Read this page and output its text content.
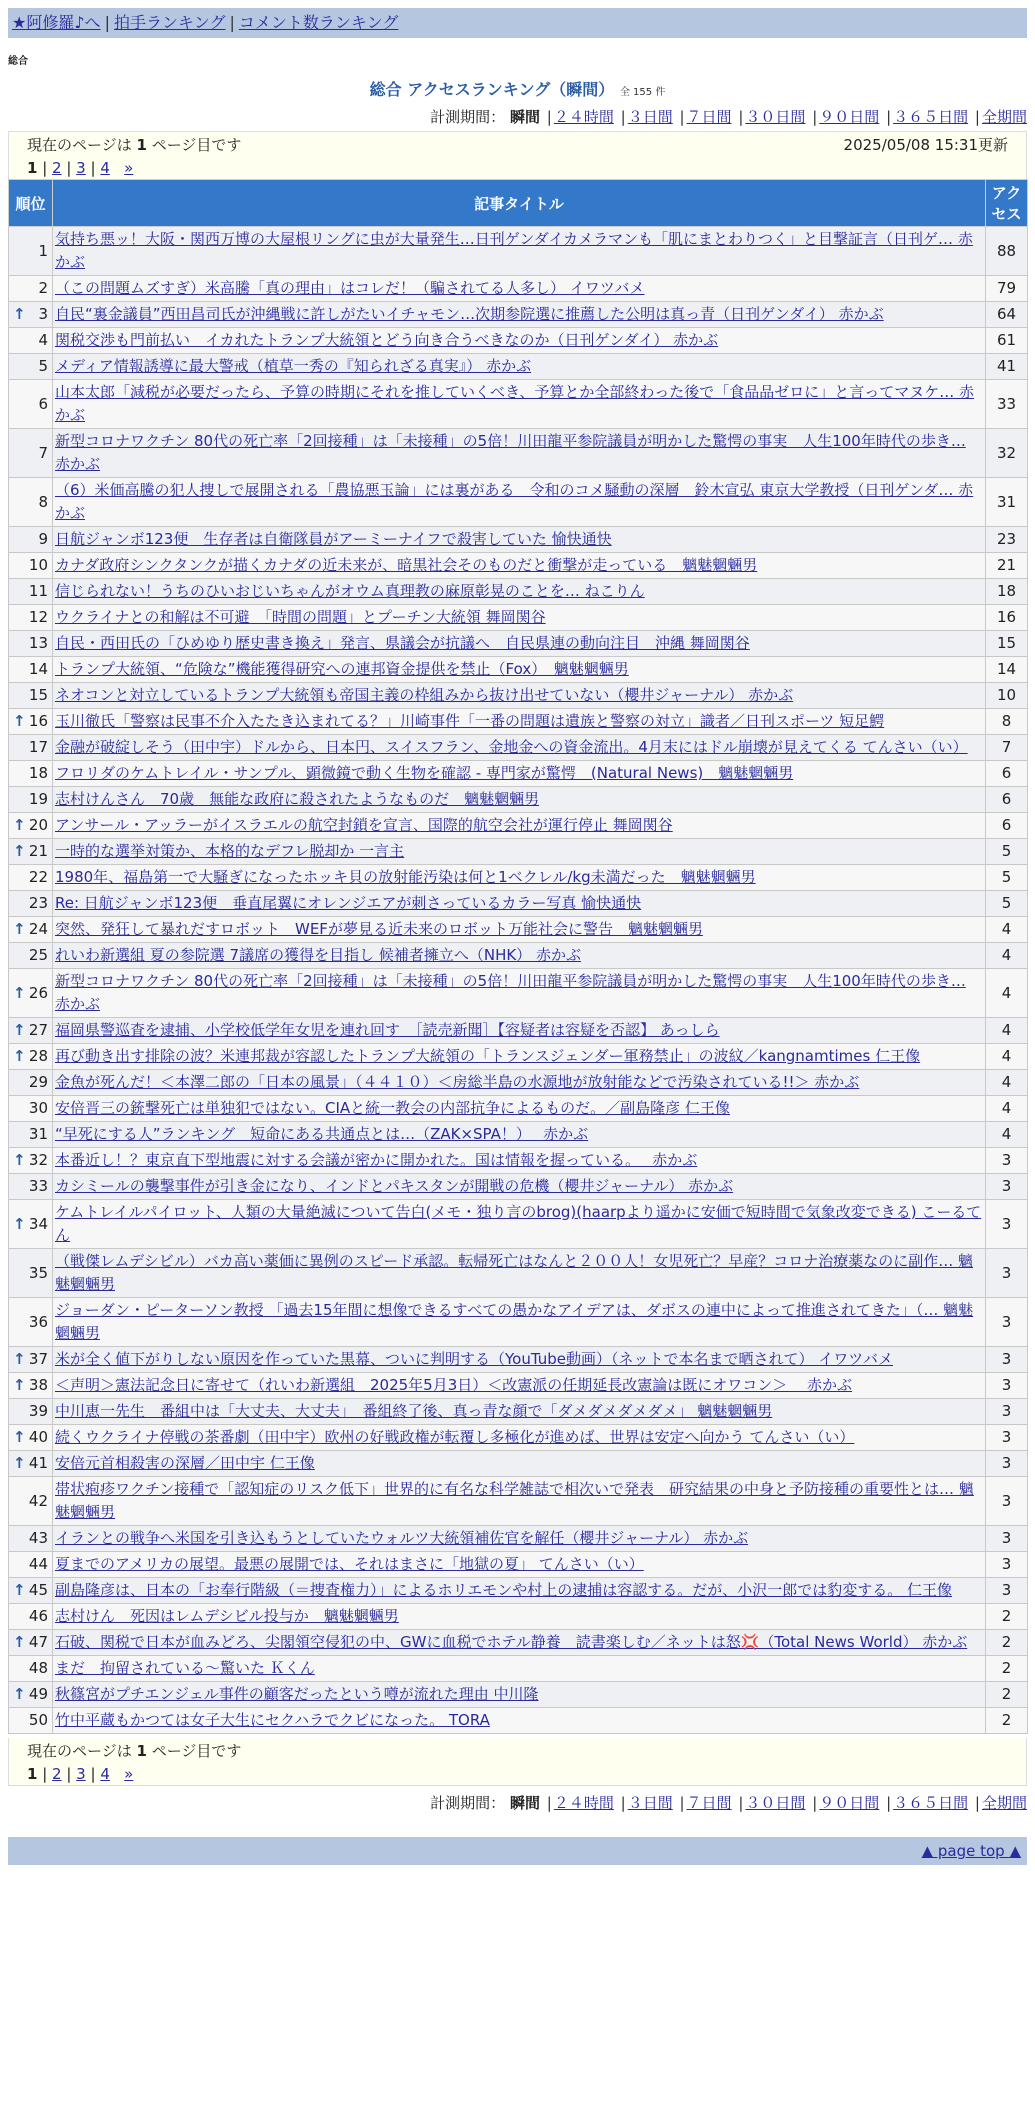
★阿修羅♪へ | 拍手ランキング | コメント数ランキング
総合
総合 アクセスランキング（瞬間） 全 155 件
計測期間： 瞬間 | ２４時間 | ３日間 | ７日間 | ３０日間 | ９０日間 | ３６５日間 | 全期間
現在のページは 1 ページ目です	2025/05/08 15:31更新
1 | 2 | 3 | 4 »
順位	記事タイトル	アクセス

1	気持ち悪ッ！大阪・関西万博の大屋根リングに虫が大量発生…日刊ゲンダイカメラマンも「肌にまとわりつく」と目撃証言（日刊ゲ… 赤かぶ	88

2	（この問題ムズすぎ）米高騰「真の理由」はコレだ！（騙されてる人多し） イワツバメ	79

↑ 3	自民“裏金議員”西田昌司氏が沖縄戦に許しがたいイチャモン…次期参院選に推薦した公明は真っ青（日刊ゲンダイ） 赤かぶ	64

4	関税交渉も門前払い　イカれたトランプ大統領とどう向き合うべきなのか（日刊ゲンダイ） 赤かぶ	61

5	メディア情報誘導に最大警戒（植草一秀の『知られざる真実』） 赤かぶ	41

6	山本太郎「減税が必要だったら、予算の時期にそれを推していくべき、予算とか全部終わった後で「食品品ゼロに」と言ってマヌケ… 赤かぶ	33

7	新型コロナワクチン 80代の死亡率「2回接種」は「未接種」の5倍！川田龍平参院議員が明かした驚愕の事実　人生100年時代の歩き… 赤かぶ	32

8	（6）米価高騰の犯人捜しで展開される「農協悪玉論」には裏がある　令和のコメ騒動の深層　鈴木宣弘 東京大学教授（日刊ゲンダ… 赤かぶ	31

9	日航ジャンボ123便　生存者は自衛隊員がアーミーナイフで殺害していた 愉快通快	23

10	カナダ政府シンクタンクが描くカナダの近未来が、暗黒社会そのものだと衝撃が走っている　魑魅魍魎男	21

11	信じられない！うちのひいおじいちゃんがオウム真理教の麻原彰晃のことを… ねこりん	18

12	ウクライナとの和解は不可避　「時間の問題」とプーチン大統領 舞岡関谷	16

13	自民・西田氏の「ひめゆり歴史書き換え」発言、県議会が抗議へ　自民県連の動向注目　沖縄 舞岡関谷	15

14	トランプ大統領、“危険な”機能獲得研究への連邦資金提供を禁止（Fox）　魑魅魍魎男	14

15	ネオコンと対立しているトランプ大統領も帝国主義の枠組みから抜け出せていない（櫻井ジャーナル） 赤かぶ	10

↑ 16	玉川徹氏「警察は民事不介入たたき込まれてる？」川崎事件「一番の問題は遺族と警察の対立」識者／日刊スポーツ 短足鰐	8

17	金融が破綻しそう（田中宇）ドルから、日本円、スイスフラン、金地金への資金流出。4月末にはドル崩壊が見えてくる てんさい（い）	7

18	フロリダのケムトレイル・サンプル、顕微鏡で動く生物を確認 - 専門家が驚愕　(Natural News)　魑魅魍魎男	6

19	志村けんさん　70歳　無能な政府に殺されたようなものだ　魑魅魍魎男	6

↑ 20	アンサール・アッラーがイスラエルの航空封鎖を宣言、国際的航空会社が運行停止 舞岡関谷	6

↑ 21	一時的な選挙対策か、本格的なデフレ脱却か 一言主	5

22	1980年、福島第一で大騒ぎになったホッキ貝の放射能汚染は何と1ベクレル/kg未満だった　魑魅魍魎男	5

23	Re: 日航ジャンボ123便　垂直尾翼にオレンジエアが刺さっているカラー写真 愉快通快	5

↑ 24	突然、発狂して暴れだすロボット　WEFが夢見る近未来のロボット万能社会に警告　魑魅魍魎男	4

25	れいわ新選組 夏の参院選 7議席の獲得を目指し 候補者擁立へ（NHK） 赤かぶ	4

↑ 26	新型コロナワクチン 80代の死亡率「2回接種」は「未接種」の5倍！川田龍平参院議員が明かした驚愕の事実　人生100年時代の歩き… 赤かぶ	4

↑ 27	福岡県警巡査を逮捕、小学校低学年女児を連れ回す　［読売新聞］【容疑者は容疑を否認】 あっしら	4

↑ 28	再び動き出す排除の波？米連邦裁が容認したトランプ大統領の「トランスジェンダー軍務禁止」の波紋／kangnamtimes 仁王像	4

29	金魚が死んだ！＜本澤二郎の「日本の風景」（４４１０）＜房総半島の水源地が放射能などで汚染されている!!＞ 赤かぶ	4

30	安倍晋三の銃撃死亡は単独犯ではない。CIAと統一教会の内部抗争によるものだ。／副島隆彦 仁王像	4

31	“早死にする人”ランキング　短命にある共通点とは…（ZAK×SPA！）　 赤かぶ	4

↑ 32	本番近し！？東京直下型地震に対する会議が密かに開かれた。国は情報を握っている。　 赤かぶ	3

33	カシミールの襲撃事件が引き金になり、インドとパキスタンが開戦の危機（櫻井ジャーナル） 赤かぶ	3

↑ 34	ケムトレイルパイロット、人類の大量絶滅について告白(メモ・独り言のbrog)(haarpより遥かに安価で短時間で気象改変できる) こーるてん	3

35	（戦傑レムデシビル）バカ高い薬価に異例のスピード承認。転帰死亡はなんと２００人！女児死亡？早産？コロナ治療薬なのに副作… 魑魅魍魎男	3

36	ジョーダン・ピーターソン教授 「過去15年間に想像できるすべての愚かなアイデアは、ダボスの連中によって推進されてきた」（… 魑魅魍魎男	3

↑ 37	米が全く値下がりしない原因を作っていた黒幕、ついに判明する（YouTube動画）（ネットで本名まで晒されて） イワツバメ	3

↑ 38	＜声明＞憲法記念日に寄せて（れいわ新選組　2025年5月3日）＜改憲派の任期延長改憲論は既にオワコン＞　 赤かぶ	3

39	中川恵一先生　番組中は「大丈夫、大丈夫」　番組終了後、真っ青な顔で「ダメダメダメダメ」 魑魅魍魎男	3

↑ 40	続くウクライナ停戦の茶番劇（田中宇）欧州の好戦政権が転覆し多極化が進めば、世界は安定へ向かう てんさい（い）	3

↑ 41	安倍元首相殺害の深層／田中宇 仁王像	3

42	帯状疱疹ワクチン接種で「認知症のリスク低下」世界的に有名な科学雑誌で相次いで発表　研究結果の中身と予防接種の重要性とは… 魑魅魍魎男	3

43	イランとの戦争へ米国を引き込もうとしていたウォルツ大統領補佐官を解任（櫻井ジャーナル） 赤かぶ	3

44	夏までのアメリカの展望。最悪の展開では、それはまさに「地獄の夏」 てんさい（い）	3

↑ 45	副島隆彦は、日本の「お奉行階級（＝捜査権力）」によるホリエモンや村上の逮捕は容認する。だが、小沢一郎では豹変する。 仁王像	3

46	志村けん　死因はレムデシビル投与か　魑魅魍魎男	2

↑ 47	石破、関税で日本が血みどろ、尖閣領空侵犯の中、GWに血税でホテル静養　読書楽しむ／ネットは怒💢（Total News World） 赤かぶ	2

48	まだ　拘留されている～驚いた Ｋくん	2

↑ 49	秋篠宮がプチエンジェル事件の顧客だったという噂が流れた理由 中川隆	2

50	竹中平蔵もかつては女子大生にセクハラでクビになった。 TORA	2
現在のページは 1 ページ目です
1 | 2 | 3 | 4 »
計測期間： 瞬間 | ２４時間 | ３日間 | ７日間 | ３０日間 | ９０日間 | ３６５日間 | 全期間
▲ page top ▲
